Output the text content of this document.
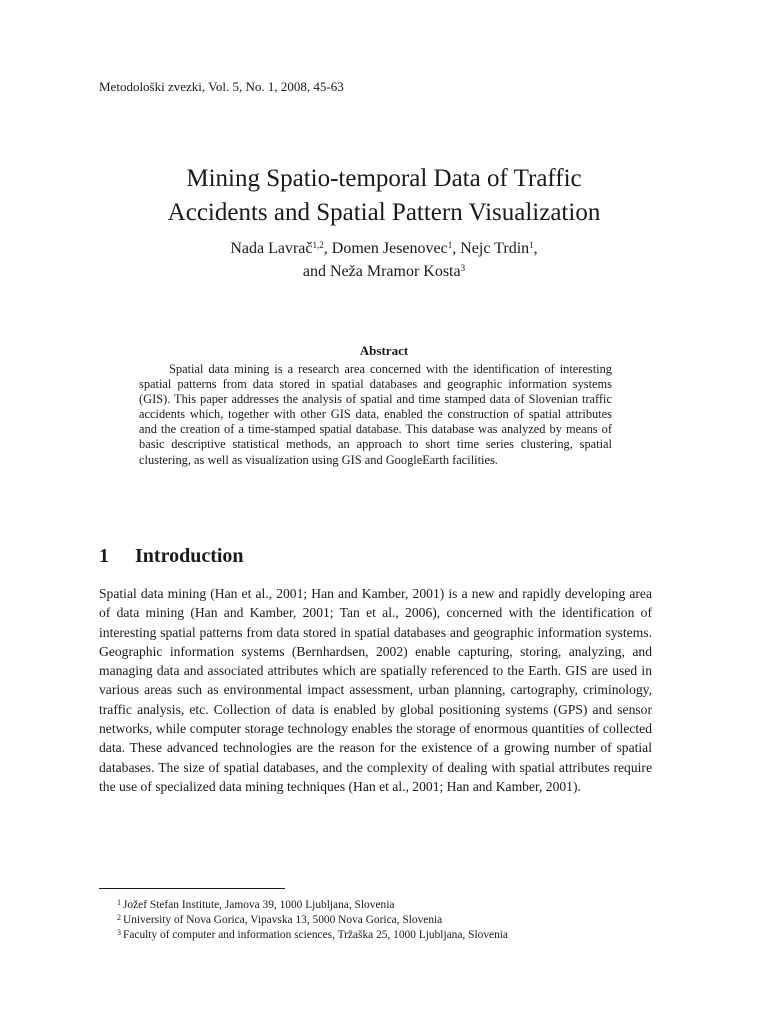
Metodološki zvezki, Vol. 5, No. 1, 2008, 45-63
Mining Spatio-temporal Data of Traffic
Accidents and Spatial Pattern Visualization
Nada Lavrač$^{1,2}$, Domen Jesenovec$^1$, Nejc Trdin$^1$,
and Neža Mramor Kosta$^3$
Abstract

Spatial data mining is a research area concerned with the identification of interesting spatial patterns from data stored in spatial databases and geographic information systems (GIS). This paper addresses the analysis of spatial and time stamped data of Slovenian traffic accidents which, together with other GIS data, enabled the construction of spatial attributes and the creation of a time-stamped spatial database. This database was analyzed by means of basic descriptive statistical methods, an approach to short time series clustering, spatial clustering, as well as visualization using GIS and GoogleEarth facilities.

1 Introduction

Spatial data mining (Han et al., 2001; Han and Kamber, 2001) is a new and rapidly developing area of data mining (Han and Kamber, 2001; Tan et al., 2006), concerned with the identification of interesting spatial patterns from data stored in spatial databases and geographic information systems. Geographic information systems (Bernhardsen, 2002) enable capturing, storing, analyzing, and managing data and associated attributes which are spatially referenced to the Earth. GIS are used in various areas such as environmental impact assessment, urban planning, cartography, criminology, traffic analysis, etc. Collection of data is enabled by global positioning systems (GPS) and sensor networks, while computer storage technology enables the storage of enormous quantities of collected data. These advanced technologies are the reason for the existence of a growing number of spatial databases. The size of spatial databases, and the complexity of dealing with spatial attributes require the use of specialized data mining techniques (Han et al., 2001; Han and Kamber, 2001).

$^1$ Jožef Stefan Institute, Jamova 39, 1000 Ljubljana, Slovenia
$^2$ University of Nova Gorica, Vipavska 13, 5000 Nova Gorica, Slovenia
$^3$ Faculty of computer and information sciences, Tržaška 25, 1000 Ljubljana, Slovenia
